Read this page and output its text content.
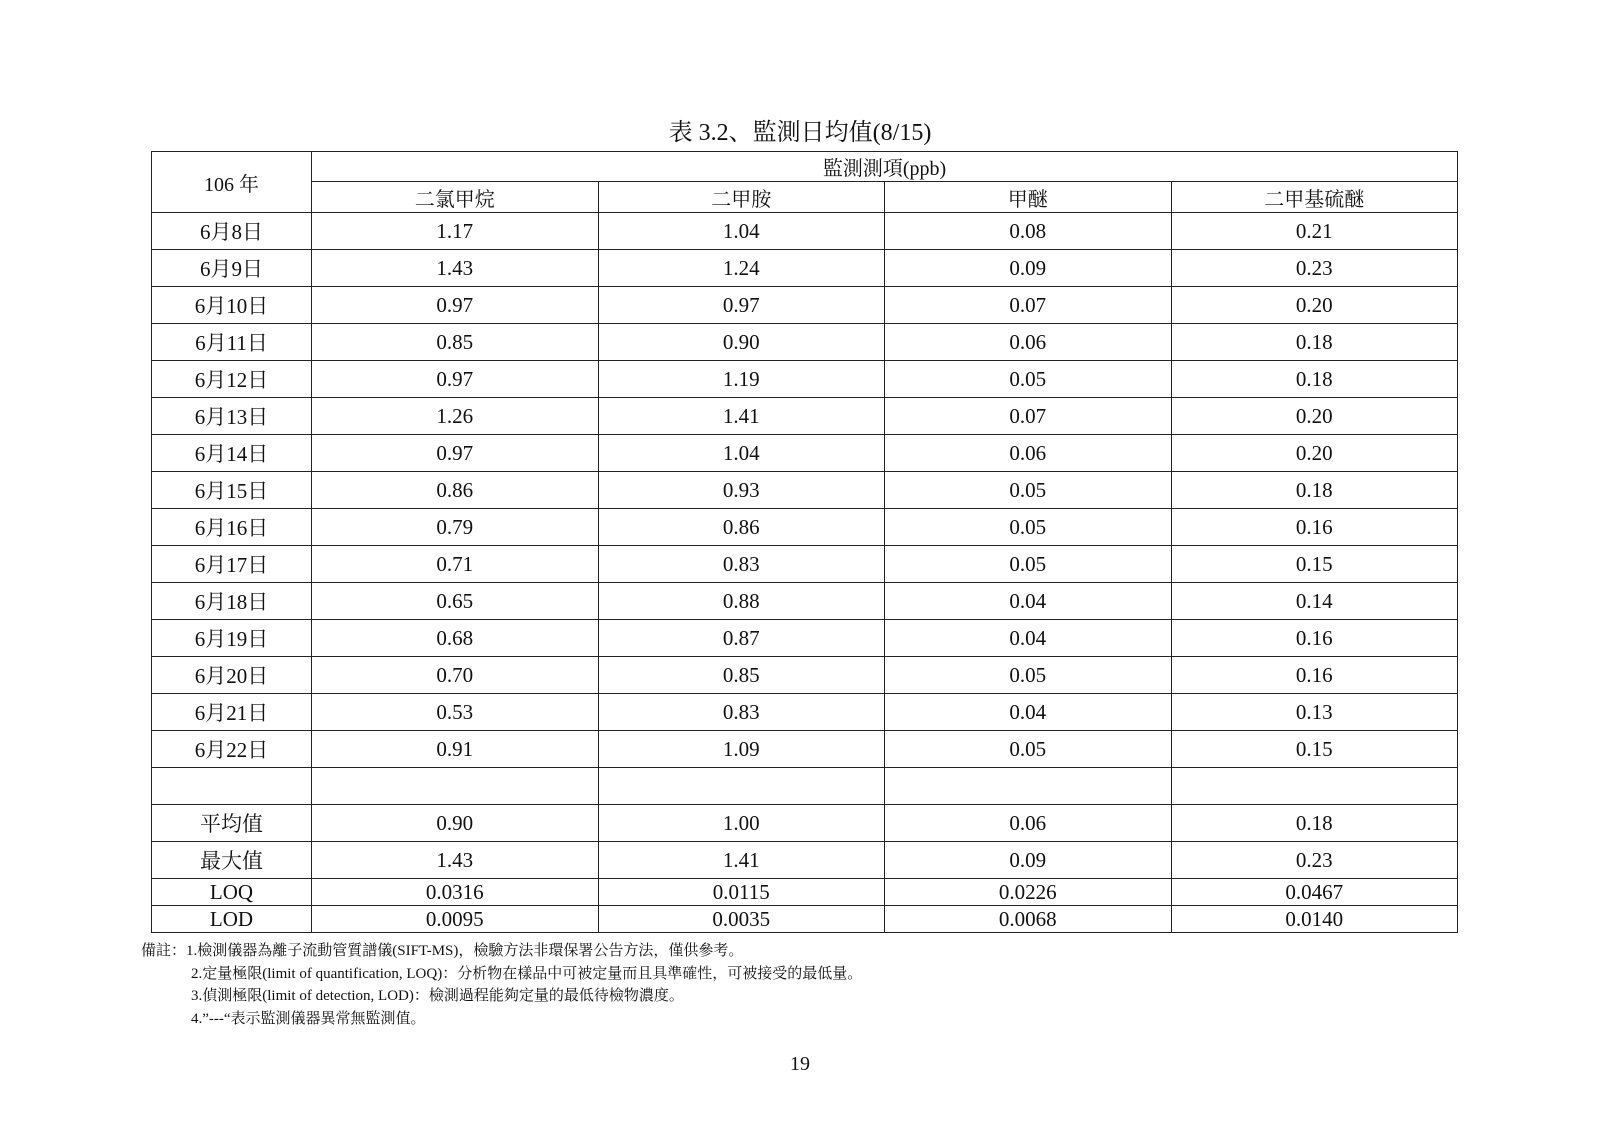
表 3.2、監測日均值(8/15)
106 年	監測測項(ppb)			
	二氯甲烷	二甲胺	甲醚	二甲基硫醚
6月8日	1.17	1.04	0.08	0.21
6月9日	1.43	1.24	0.09	0.23
6月10日	0.97	0.97	0.07	0.20
6月11日	0.85	0.90	0.06	0.18
6月12日	0.97	1.19	0.05	0.18
6月13日	1.26	1.41	0.07	0.20
6月14日	0.97	1.04	0.06	0.20
6月15日	0.86	0.93	0.05	0.18
6月16日	0.79	0.86	0.05	0.16
6月17日	0.71	0.83	0.05	0.15
6月18日	0.65	0.88	0.04	0.14
6月19日	0.68	0.87	0.04	0.16
6月20日	0.70	0.85	0.05	0.16
6月21日	0.53	0.83	0.04	0.13
6月22日	0.91	1.09	0.05	0.15

平均值	0.90	1.00	0.06	0.18
最大值	1.43	1.41	0.09	0.23
LOQ	0.0316	0.0115	0.0226	0.0467
LOD	0.0095	0.0035	0.0068	0.0140
備註：1.檢測儀器為離子流動管質譜儀(SIFT-MS)，檢驗方法非環保署公告方法，僅供參考。
2.定量極限(limit of quantification, LOQ)：分析物在樣品中可被定量而且具準確性，可被接受的最低量。
3.偵測極限(limit of detection, LOD)：檢測過程能夠定量的最低待檢物濃度。
4.”---“表示監測儀器異常無監測值。
19
